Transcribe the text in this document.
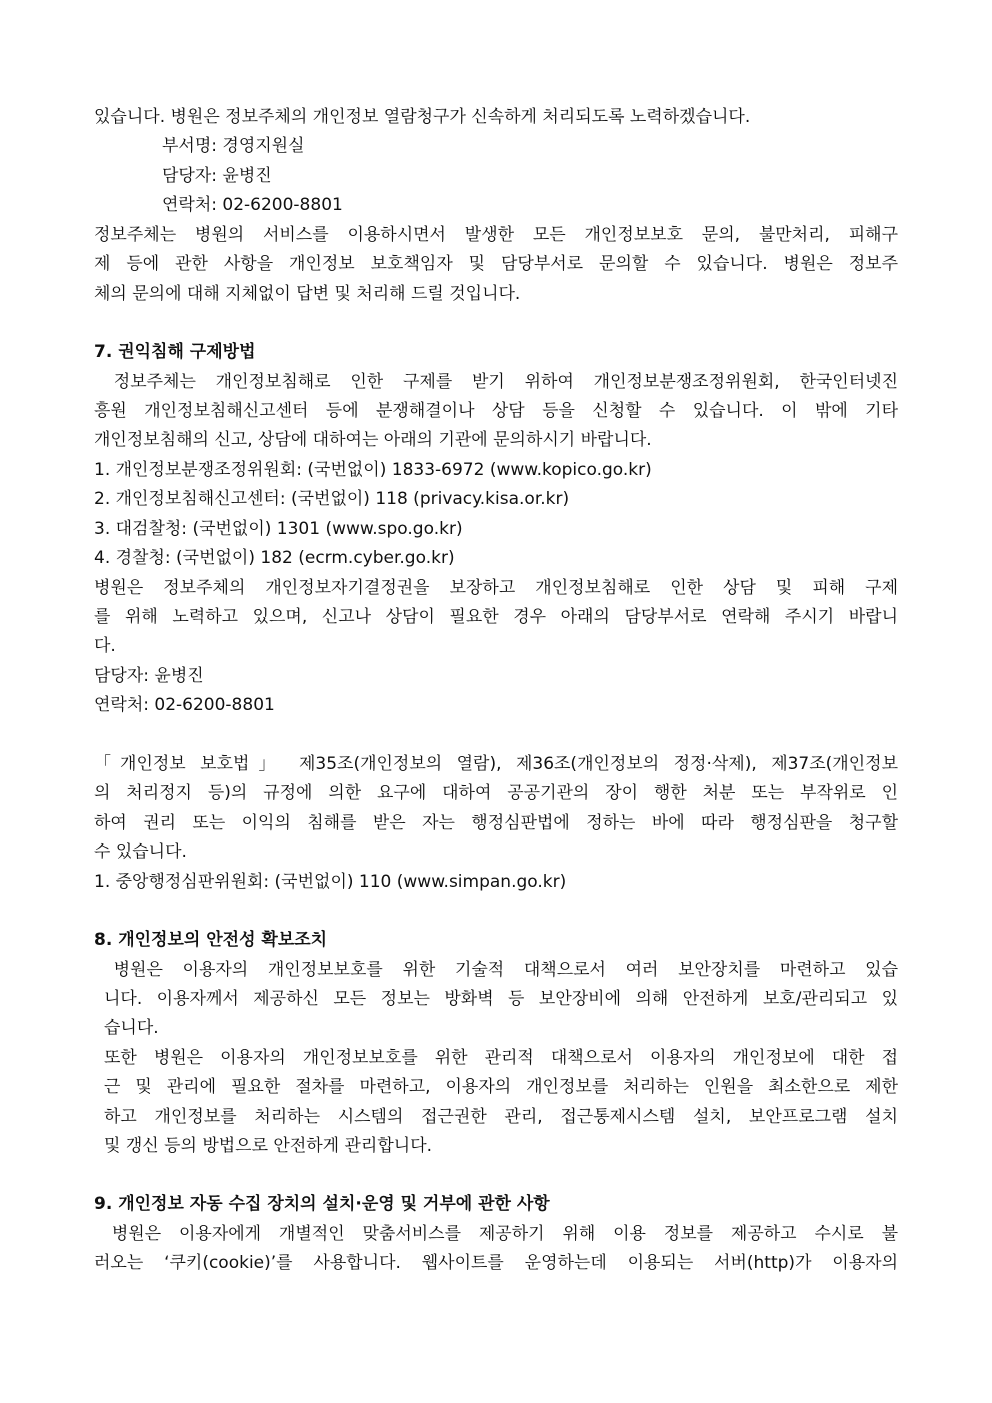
있습니다. 병원은 정보주체의 개인정보 열람청구가 신속하게 처리되도록 노력하겠습니다.
부서명: 경영지원실
담당자: 윤병진
연락처: 02-6200-8801
정보주체는 병원의 서비스를 이용하시면서 발생한 모든 개인정보보호 문의, 불만처리, 피해구
제 등에 관한 사항을 개인정보 보호책임자 및 담당부서로 문의할 수 있습니다. 병원은 정보주
체의 문의에 대해 지체없이 답변 및 처리해 드릴 것입니다.
7. 권익침해 구제방법
정보주체는 개인정보침해로 인한 구제를 받기 위하여 개인정보분쟁조정위원회, 한국인터넷진
흥원 개인정보침해신고센터 등에 분쟁해결이나 상담 등을 신청할 수 있습니다. 이 밖에 기타
개인정보침해의 신고, 상담에 대하여는 아래의 기관에 문의하시기 바랍니다.
1. 개인정보분쟁조정위원회: (국번없이) 1833-6972 (www.kopico.go.kr)
2. 개인정보침해신고센터: (국번없이) 118 (privacy.kisa.or.kr)
3. 대검찰청: (국번없이) 1301 (www.spo.go.kr)
4. 경찰청: (국번없이) 182 (ecrm.cyber.go.kr)
병원은 정보주체의 개인정보자기결정권을 보장하고 개인정보침해로 인한 상담 및 피해 구제
를 위해 노력하고 있으며, 신고나 상담이 필요한 경우 아래의 담당부서로 연락해 주시기 바랍니
다.
담당자: 윤병진
연락처: 02-6200-8801
「개인정보 보호법」 제35조(개인정보의 열람), 제36조(개인정보의 정정·삭제), 제37조(개인정보
의 처리정지 등)의 규정에 의한 요구에 대하여 공공기관의 장이 행한 처분 또는 부작위로 인
하여 권리 또는 이익의 침해를 받은 자는 행정심판법에 정하는 바에 따라 행정심판을 청구할
수 있습니다.
1. 중앙행정심판위원회: (국번없이) 110 (www.simpan.go.kr)
8. 개인정보의 안전성 확보조치
병원은 이용자의 개인정보보호를 위한 기술적 대책으로서 여러 보안장치를 마련하고 있습
니다. 이용자께서 제공하신 모든 정보는 방화벽 등 보안장비에 의해 안전하게 보호/관리되고 있
습니다.
또한 병원은 이용자의 개인정보보호를 위한 관리적 대책으로서 이용자의 개인정보에 대한 접
근 및 관리에 필요한 절차를 마련하고, 이용자의 개인정보를 처리하는 인원을 최소한으로 제한
하고 개인정보를 처리하는 시스템의 접근권한 관리, 접근통제시스템 설치, 보안프로그램 설치
및 갱신 등의 방법으로 안전하게 관리합니다.
9. 개인정보 자동 수집 장치의 설치·운영 및 거부에 관한 사항
병원은 이용자에게 개별적인 맞춤서비스를 제공하기 위해 이용 정보를 제공하고 수시로 불
러오는 ‘쿠키(cookie)’를 사용합니다. 웹사이트를 운영하는데 이용되는 서버(http)가 이용자의
